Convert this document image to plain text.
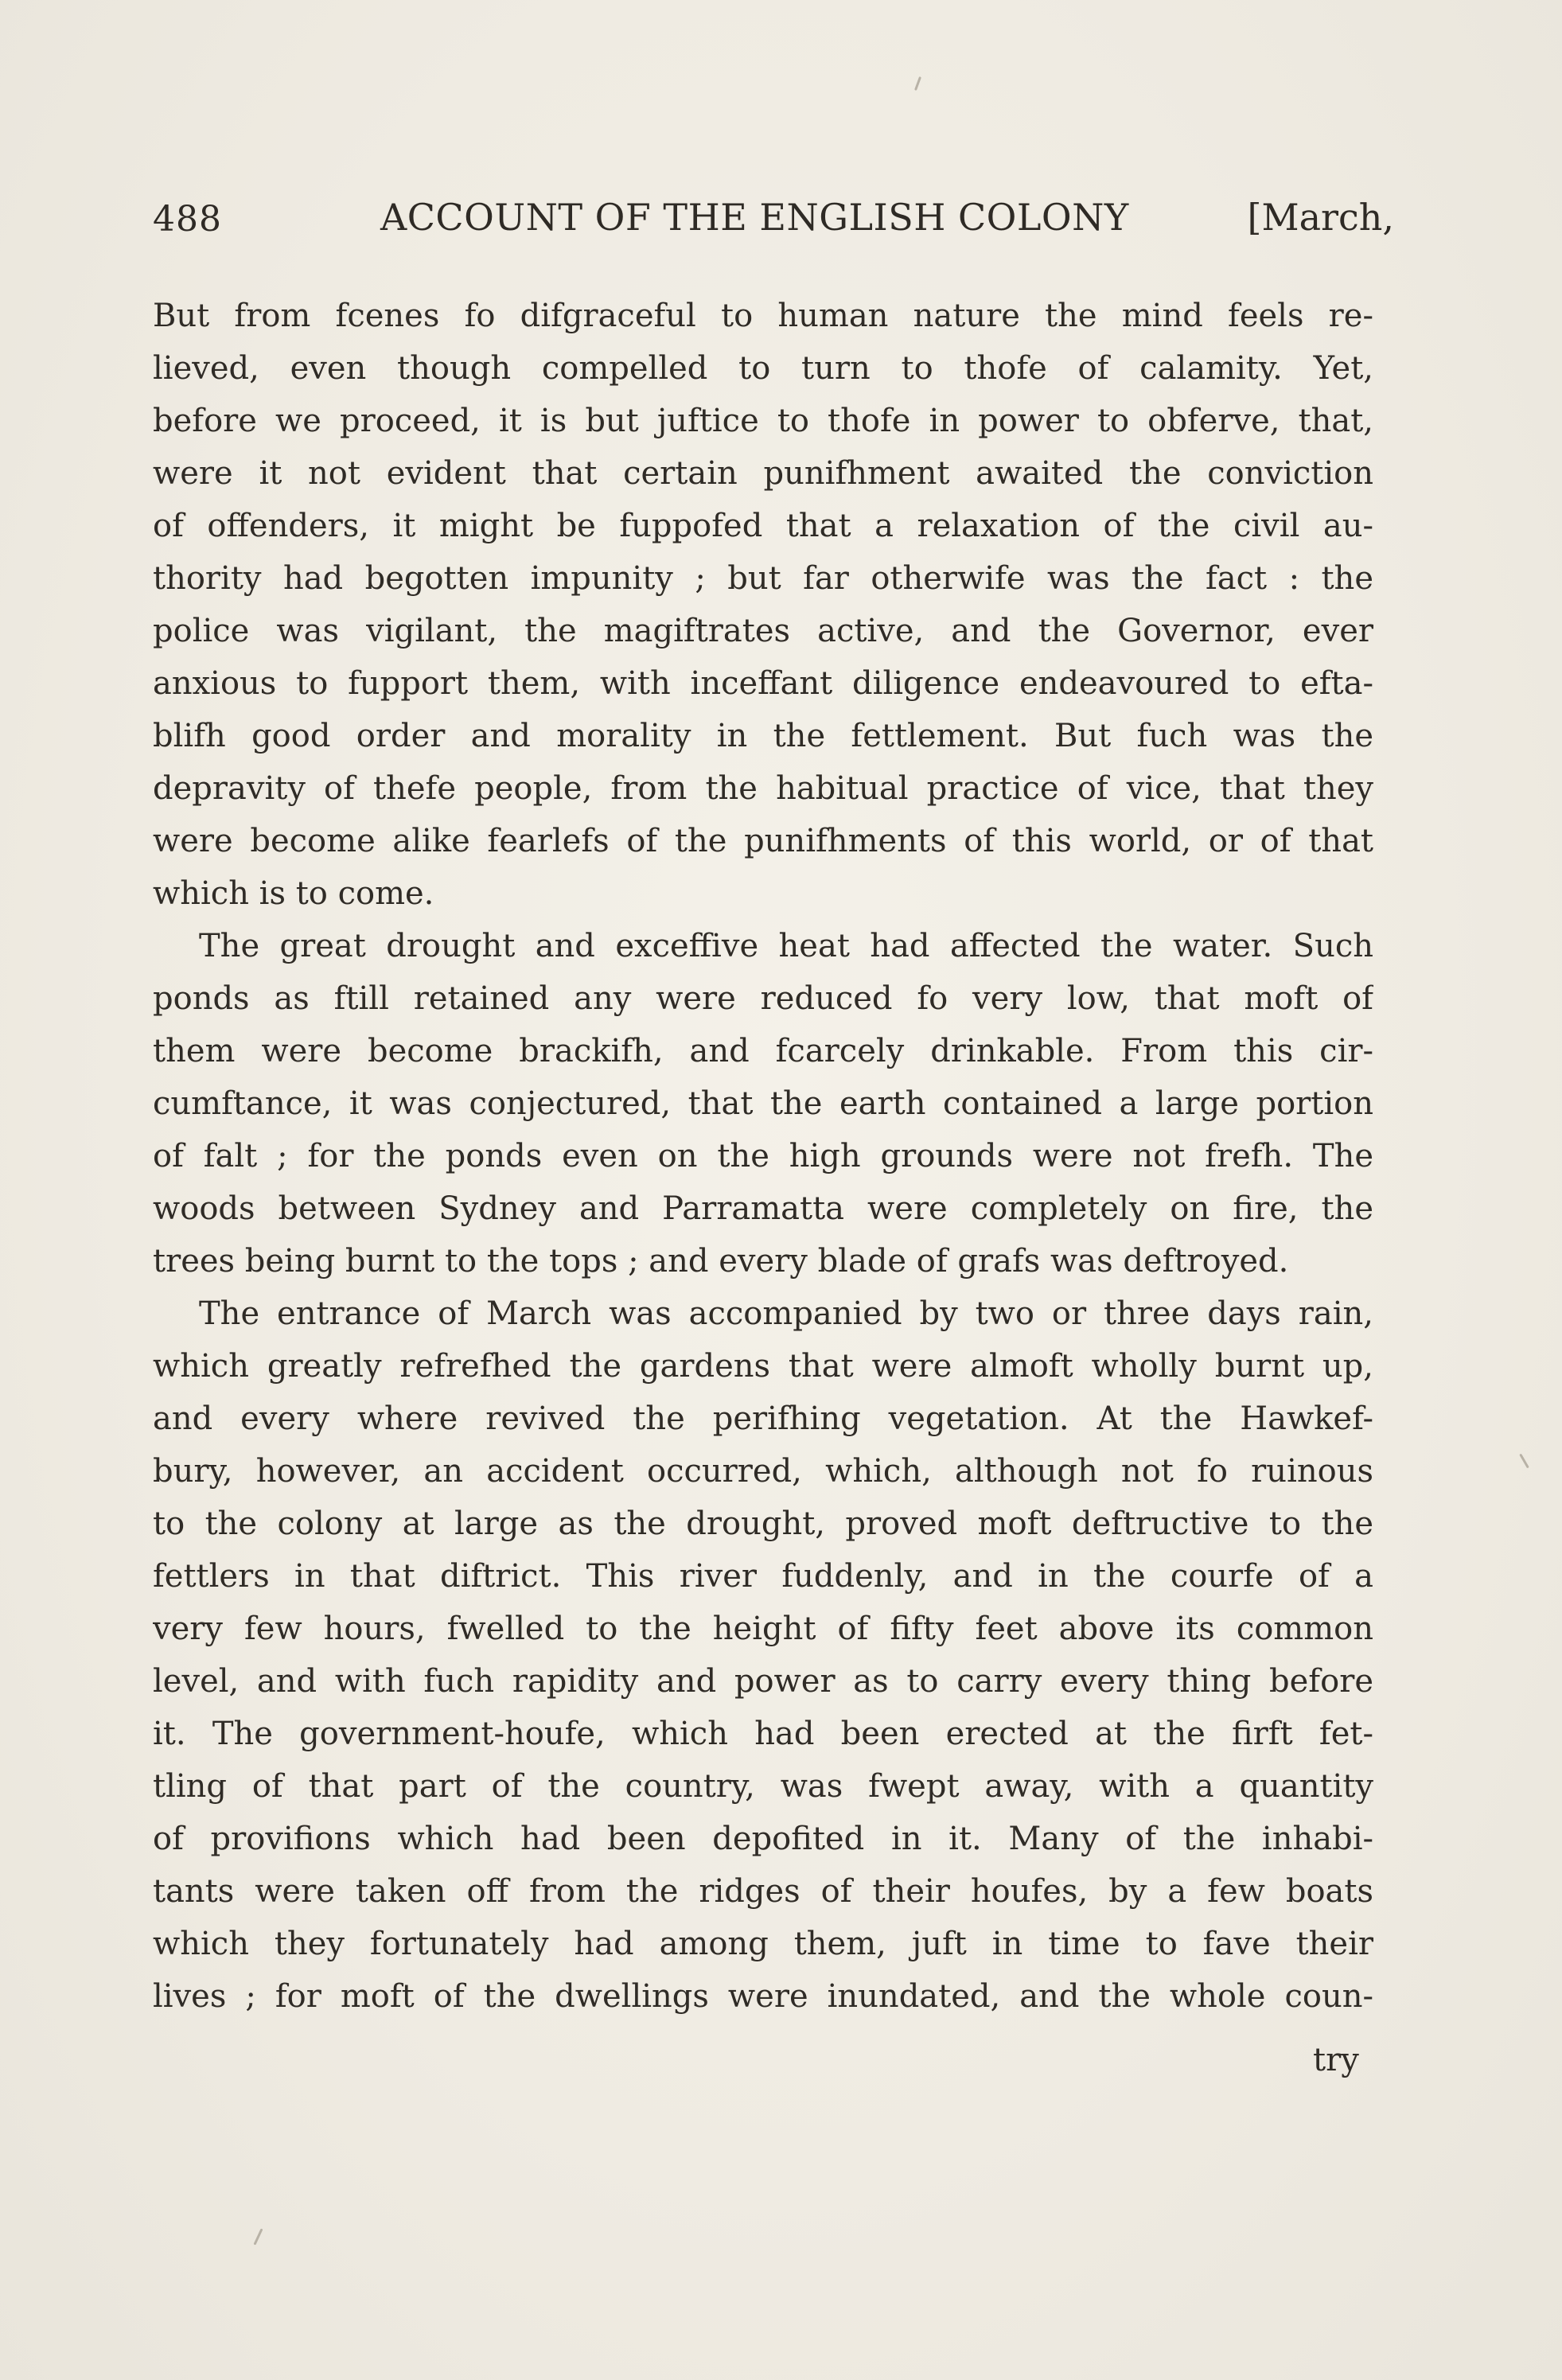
488	ACCOUNT OF THE ENGLISH COLONY	[March,
But from fcenes fo difgraceful to human nature the mind feels re-
lieved, even though compelled to turn to thofe of calamity. Yet,
before we proceed, it is but juftice to thofe in power to obferve, that,
were it not evident that certain punifhment awaited the conviction
of offenders, it might be fuppofed that a relaxation of the civil au-
thority had begotten impunity ; but far otherwife was the fact : the
police was vigilant, the magiftrates active, and the Governor, ever
anxious to fupport them, with inceffant diligence endeavoured to efta-
blifh good order and morality in the fettlement. But fuch was the
depravity of thefe people, from the habitual practice of vice, that they
were become alike fearlefs of the punifhments of this world, or of that
which is to come.
The great drought and exceffive heat had affected the water. Such
ponds as ftill retained any were reduced fo very low, that moft of
them were become brackifh, and fcarcely drinkable. From this cir-
cumftance, it was conjectured, that the earth contained a large portion
of falt ; for the ponds even on the high grounds were not frefh. The
woods between Sydney and Parramatta were completely on fire, the
trees being burnt to the tops ; and every blade of grafs was deftroyed.
The entrance of March was accompanied by two or three days rain,
which greatly refrefhed the gardens that were almoft wholly burnt up,
and every where revived the perifhing vegetation. At the Hawkef-
bury, however, an accident occurred, which, although not fo ruinous
to the colony at large as the drought, proved moft deftructive to the
fettlers in that diftrict. This river fuddenly, and in the courfe of a
very few hours, fwelled to the height of fifty feet above its common
level, and with fuch rapidity and power as to carry every thing before
it. The government-houfe, which had been erected at the firft fet-
tling of that part of the country, was fwept away, with a quantity
of provifions which had been depofited in it. Many of the inhabi-
tants were taken off from the ridges of their houfes, by a few boats
which they fortunately had among them, juft in time to fave their
lives ; for moft of the dwellings were inundated, and the whole coun-
try
